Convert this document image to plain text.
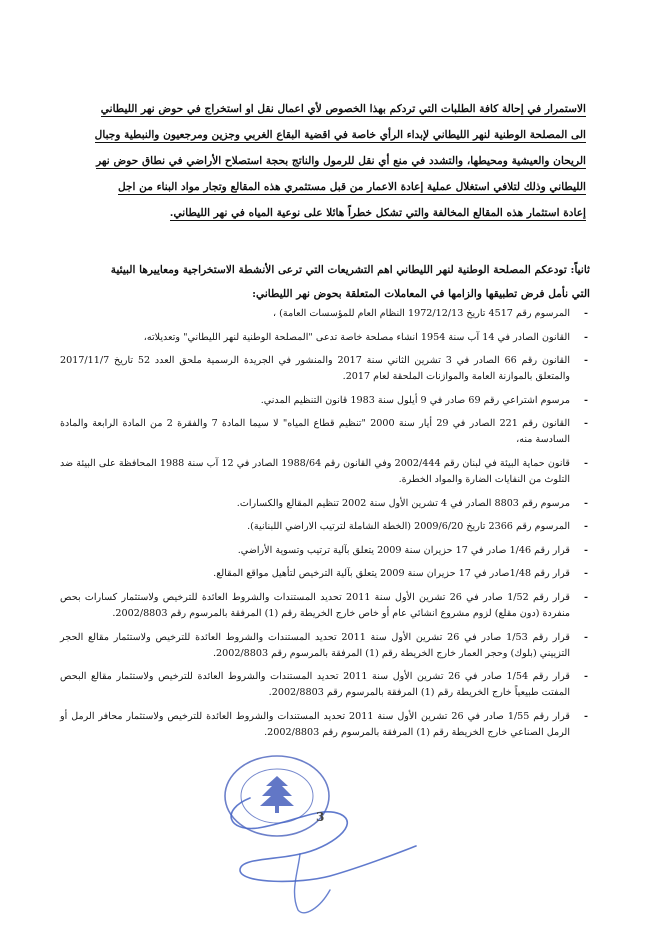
الاستمرار في إحالة كافة الطلبات التي تردكم بهذا الخصوص لأي اعمال نقل او استخراج في حوض نهر الليطاني

الى المصلحة الوطنية لنهر الليطاني لإبداء الرأي خاصة في اقضية البقاع الغربي وجزين ومرجعيون والنبطية وجبال

الريحان والعيشية ومحيطها، والتشدد في منع أي نقل للرمول والناتج بحجة استصلاح الأراضي في نطاق حوض نهر

الليطاني وذلك لتلافي استغلال عملية إعادة الاعمار من قبل مستثمري هذه المقالع وتجار مواد البناء من اجل

إعادة استثمار هذه المقالع المخالفة والتي تشكل خطراً هائلا على نوعية المياه في نهر الليطاني.

ثانياً: تودعكم المصلحة الوطنية لنهر الليطاني اهم التشريعات التي ترعى الأنشطة الاستخراجية ومعاييرها البيئية

التي نأمل فرض تطبيقها والزامها في المعاملات المتعلقة بحوض نهر الليطاني:

-
المرسوم رقم 4517 تاريخ 1972/12/13 النظام العام للمؤسسات العامة) ،
-
القانون الصادر في 14 آب سنة 1954 انشاء مصلحة خاصة تدعى "المصلحة الوطنية لنهر الليطاني" وتعديلاته،
-
القانون رقم 66 الصادر في 3 تشرين الثاني سنة 2017 والمنشور في الجريدة الرسمية ملحق العدد 52 تاريخ 2017/11/7 والمتعلق بالموازنة العامة والموازنات الملحقة لعام 2017.
-
مرسوم اشتراعي رقم 69 صادر في 9 أيلول سنة 1983 قانون التنظيم المدني.
-
القانون رقم 221 الصادر في 29 أيار سنة 2000 "تنظيم قطاع المياه" لا سيما المادة 7 والفقرة 2 من المادة الرابعة والمادة السادسة منه،
-
قانون حماية البيئة في لبنان رقم 2002/444 وفي القانون رقم 1988/64 الصادر في 12 آب سنة 1988 المحافظة على البيئة ضد التلوث من النفايات الضارة والمواد الخطرة.
-
مرسوم رقم 8803 الصادر في 4 تشرين الأول سنة 2002 تنظيم المقالع والكسارات.
-
المرسوم رقم 2366 تاريخ 2009/6/20 (الخطة الشاملة لترتيب الاراضي اللبنانية).
-
قرار رقم 1/46 صادر في 17 حزيران سنة 2009 يتعلق بآلية ترتيب وتسوية الأراضي.
-
قرار رقم 1/48صادر في 17 حزيران سنة 2009 يتعلق بآلية الترخيص لتأهيل مواقع المقالع.
-
قرار رقم 1/52 صادر في 26 تشرين الأول سنة 2011 تحديد المستندات والشروط العائدة للترخيص ولاستثمار كسارات بحص منفردة (دون مقلع) لزوم مشروع انشائي عام أو خاص خارج الخريطة رقم (1) المرفقة بالمرسوم رقم 2002/8803.
-
قرار رقم 1/53 صادر في 26 تشرين الأول سنة 2011 تحديد المستندات والشروط العائدة للترخيص ولاستثمار مقالع الحجر التزييني (بلوك) وحجر العمار خارج الخريطة رقم (1) المرفقة بالمرسوم رقم 2002/8803.
-
قرار رقم 1/54 صادر في 26 تشرين الأول سنة 2011 تحديد المستندات والشروط العائدة للترخيص ولاستثمار مقالع البحص المفتت طبيعياً خارج الخريطة رقم (1) المرفقة بالمرسوم رقم 2002/8803.
-
قرار رقم 1/55 صادر في 26 تشرين الأول سنة 2011 تحديد المستندات والشروط العائدة للترخيص ولاستثمار محافر الرمل أو الرمل الصناعي خارج الخريطة رقم (1) المرفقة بالمرسوم رقم 2002/8803.
3
